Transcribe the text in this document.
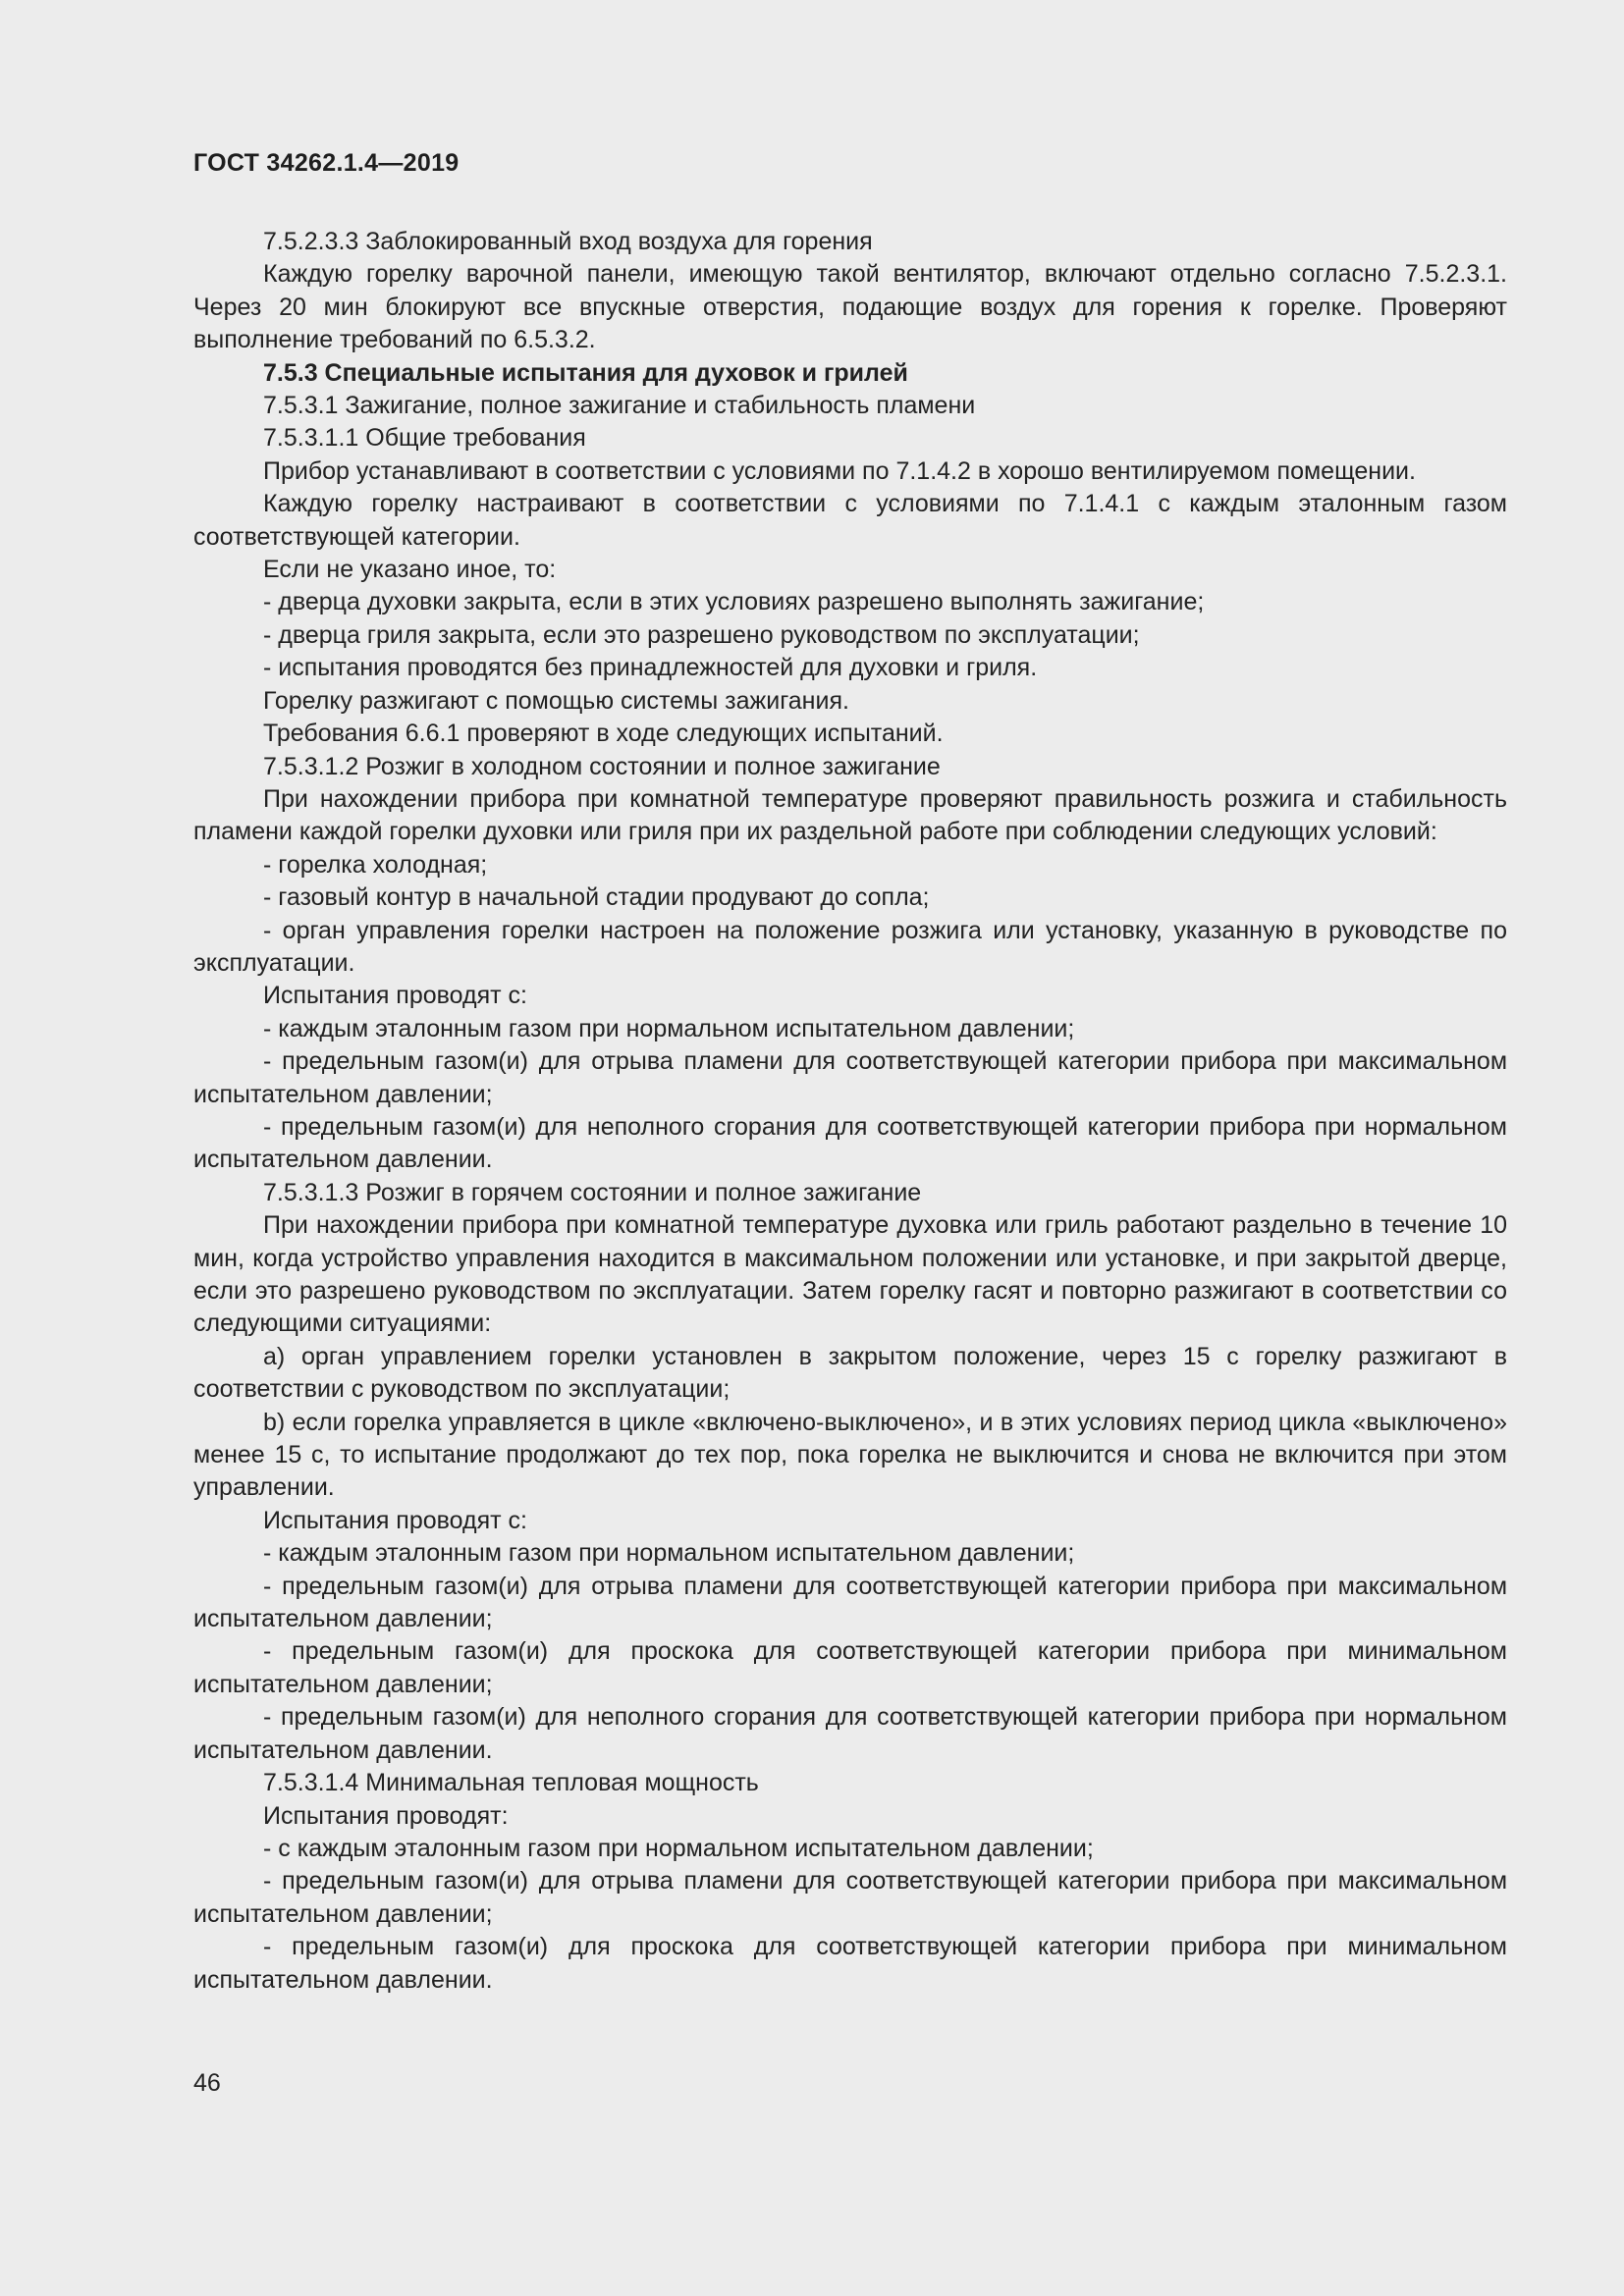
ГОСТ 34262.1.4—2019

7.5.2.3.3 Заблокированный вход воздуха для горения

Каждую горелку варочной панели, имеющую такой вентилятор, включают отдельно согласно 7.5.2.3.1. Через 20 мин блокируют все впускные отверстия, подающие воздух для горения к горелке. Проверяют выполнение требований по 6.5.3.2.

7.5.3 Специальные испытания для духовок и грилей

7.5.3.1 Зажигание, полное зажигание и стабильность пламени

7.5.3.1.1 Общие требования

Прибор устанавливают в соответствии с условиями по 7.1.4.2 в хорошо вентилируемом помещении.

Каждую горелку настраивают в соответствии с условиями по 7.1.4.1 с каждым эталонным газом соответствующей категории.

Если не указано иное, то:

- дверца духовки закрыта, если в этих условиях разрешено выполнять зажигание;

- дверца гриля закрыта, если это разрешено руководством по эксплуатации;

- испытания проводятся без принадлежностей для духовки и гриля.

Горелку разжигают с помощью системы зажигания.

Требования 6.6.1 проверяют в ходе следующих испытаний.

7.5.3.1.2 Розжиг в холодном состоянии и полное зажигание

При нахождении прибора при комнатной температуре проверяют правильность розжига и стабильность пламени каждой горелки духовки или гриля при их раздельной работе при соблюдении следующих условий:

- горелка холодная;

- газовый контур в начальной стадии продувают до сопла;

- орган управления горелки настроен на положение розжига или установку, указанную в руководстве по эксплуатации.

Испытания проводят с:

- каждым эталонным газом при нормальном испытательном давлении;

- предельным газом(и) для отрыва пламени для соответствующей категории прибора при максимальном испытательном давлении;

- предельным газом(и) для неполного сгорания для соответствующей категории прибора при нормальном испытательном давлении.

7.5.3.1.3 Розжиг в горячем состоянии и полное зажигание

При нахождении прибора при комнатной температуре духовка или гриль работают раздельно в течение 10 мин, когда устройство управления находится в максимальном положении или установке, и при закрытой дверце, если это разрешено руководством по эксплуатации. Затем горелку гасят и повторно разжигают в соответствии со следующими ситуациями:

a) орган управлением горелки установлен в закрытом положение, через 15 с горелку разжигают в соответствии с руководством по эксплуатации;

b) если горелка управляется в цикле «включено-выключено», и в этих условиях период цикла «выключено» менее 15 с, то испытание продолжают до тех пор, пока горелка не выключится и снова не включится при этом управлении.

Испытания проводят с:

- каждым эталонным газом при нормальном испытательном давлении;

- предельным газом(и) для отрыва пламени для соответствующей категории прибора при максимальном испытательном давлении;

- предельным газом(и) для проскока для соответствующей категории прибора при минимальном испытательном давлении;

- предельным газом(и) для неполного сгорания для соответствующей категории прибора при нормальном испытательном давлении.

7.5.3.1.4 Минимальная тепловая мощность

Испытания проводят:

- с каждым эталонным газом при нормальном испытательном давлении;

- предельным газом(и) для отрыва пламени для соответствующей категории прибора при максимальном испытательном давлении;

- предельным газом(и) для проскока для соответствующей категории прибора при минимальном испытательном давлении.

46
